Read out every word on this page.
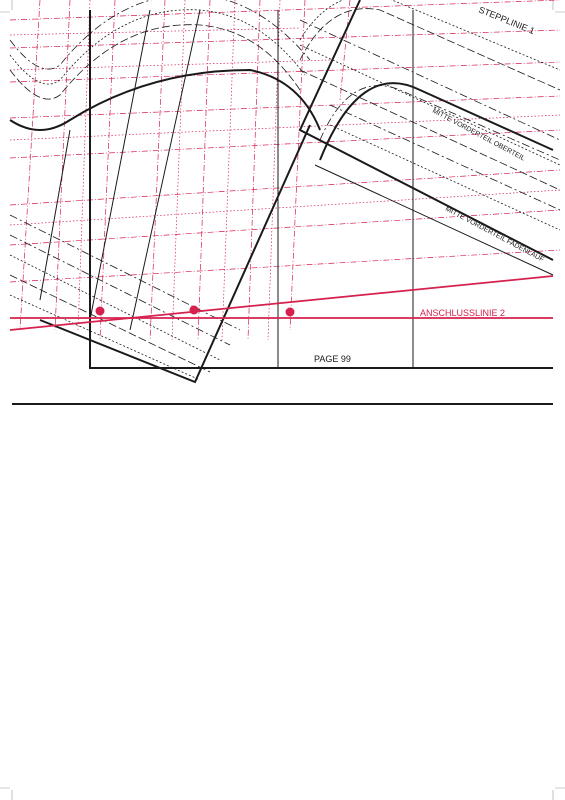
STEPPLINIE 1
MITTE VORDERTEIL OBERTEIL
MITTE VORDERTEIL FADENLAUF
ANSCHLUSSLINIE 2
PAGE 99
